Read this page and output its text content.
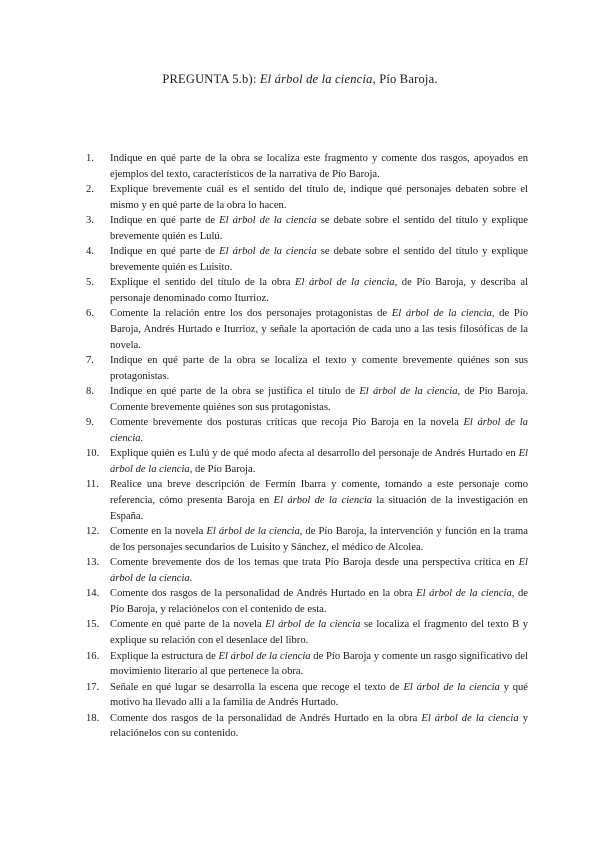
PREGUNTA 5.b): El árbol de la ciencia, Pío Baroja.
1.	Indique en qué parte de la obra se localiza este fragmento y comente dos rasgos, apoyados en ejemplos del texto, característicos de la narrativa de Pío Baroja.
2.	Explique brevemente cuál es el sentido del título de, indique qué personajes debaten sobre el mismo y en qué parte de la obra lo hacen.
3.	Indique en qué parte de El árbol de la ciencia se debate sobre el sentido del título y explique brevemente quién es Lulú.
4.	Indique en qué parte de El árbol de la ciencia se debate sobre el sentido del título y explique brevemente quién es Luisito.
5.	Explique el sentido del título de la obra El árbol de la ciencia, de Pío Baroja, y describa al personaje denominado como Iturrioz.
6.	Comente la relación entre los dos personajes protagonistas de El árbol de la ciencia, de Pío Baroja, Andrés Hurtado e Iturrioz, y señale la aportación de cada uno a las tesis filosóficas de la novela.
7.	Indique en qué parte de la obra se localiza el texto y comente brevemente quiénes son sus protagonistas.
8.	Indique en qué parte de la obra se justifica el título de El árbol de la ciencia, de Pío Baroja. Comente brevemente quiénes son sus protagonistas.
9.	Comente brevemente dos posturas críticas que recoja Pío Baroja en la novela El árbol de la ciencia.
10.	Explique quién es Lulú y de qué modo afecta al desarrollo del personaje de Andrés Hurtado en El árbol de la ciencia, de Pío Baroja.
11.	Realice una breve descripción de Fermín Ibarra y comente, tomando a este personaje como referencia, cómo presenta Baroja en El árbol de la ciencia la situación de la investigación en España.
12.	Comente en la novela El árbol de la ciencia, de Pío Baroja, la intervención y función en la trama de los personajes secundarios de Luisito y Sánchez, el médico de Alcolea.
13.	Comente brevemente dos de los temas que trata Pío Baroja desde una perspectiva crítica en El árbol de la ciencia.
14.	Comente dos rasgos de la personalidad de Andrés Hurtado en la obra El árbol de la ciencia, de Pío Baroja, y relaciónelos con el contenido de esta.
15.	Comente en qué parte de la novela El árbol de la ciencia se localiza el fragmento del texto B y explique su relación con el desenlace del libro.
16.	Explique la estructura de El árbol de la ciencia de Pío Baroja y comente un rasgo significativo del movimiento literario al que pertenece la obra.
17.	Señale en qué lugar se desarrolla la escena que recoge el texto de El árbol de la ciencia y qué motivo ha llevado allí a la familia de Andrés Hurtado.
18.	Comente dos rasgos de la personalidad de Andrés Hurtado en la obra El árbol de la ciencia y relaciónelos con su contenido.
